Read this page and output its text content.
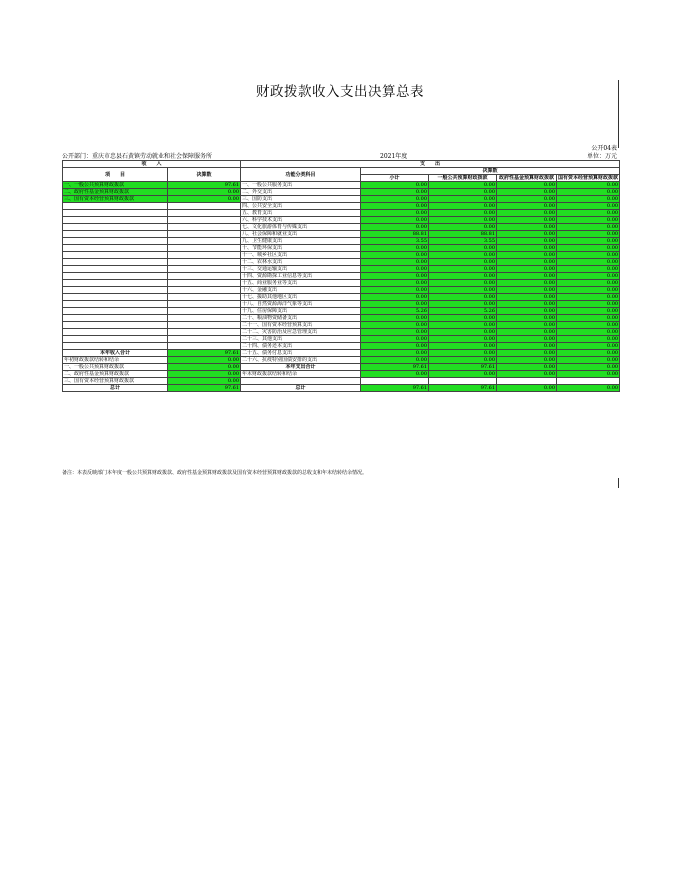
财政拨款收入支出决算总表
公开04表
公开部门：重庆市忠县石黄镇劳动就业和社会保障服务所	2021年度	单位：万元
收　　入		支　　出				
项　　目	决算数	功能分类科目	决算数			
			小计	一般公共预算财政拨款	政府性基金预算财政拨款	国有资本经营预算财政拨款

一、一般公共预算财政拨款	97.61	一、一般公共服务支出	0.00	0.00	0.00	0.00
二、政府性基金预算财政拨款	0.00	二、外交支出	0.00	0.00	0.00	0.00
三、国有资本经营预算财政拨款	0.00	三、国防支出	0.00	0.00	0.00	0.00
		四、公共安全支出	0.00	0.00	0.00	0.00
		五、教育支出	0.00	0.00	0.00	0.00
		六、科学技术支出	0.00	0.00	0.00	0.00
		七、文化旅游体育与传媒支出	0.00	0.00	0.00	0.00
		八、社会保障和就业支出	88.81	88.81	0.00	0.00
		九、卫生健康支出	3.55	3.55	0.00	0.00
		十、节能环保支出	0.00	0.00	0.00	0.00
		十一、城乡社区支出	0.00	0.00	0.00	0.00
		十二、农林水支出	0.00	0.00	0.00	0.00
		十三、交通运输支出	0.00	0.00	0.00	0.00
		十四、资源勘探工业信息等支出	0.00	0.00	0.00	0.00
		十五、商业服务业等支出	0.00	0.00	0.00	0.00
		十六、金融支出	0.00	0.00	0.00	0.00
		十七、援助其他地区支出	0.00	0.00	0.00	0.00
		十八、自然资源海洋气象等支出	0.00	0.00	0.00	0.00
		十九、住房保障支出	5.26	5.26	0.00	0.00
		二十、粮油物资储备支出	0.00	0.00	0.00	0.00
		二十一、国有资本经营预算支出	0.00	0.00	0.00	0.00
		二十二、灾害防治及应急管理支出	0.00	0.00	0.00	0.00
		二十三、其他支出	0.00	0.00	0.00	0.00
		二十四、债务还本支出	0.00	0.00	0.00	0.00
本年收入合计	97.61	二十五、债务付息支出	0.00	0.00	0.00	0.00
年初财政拨款结转和结余	0.00	二十六、抗疫特别国债安排的支出	0.00	0.00	0.00	0.00
一、一般公共预算财政拨款	0.00	本年支出合计	97.61	97.61	0.00	0.00
二、政府性基金预算财政拨款	0.00	年末财政拨款结转和结余	0.00	0.00	0.00	0.00
三、国有资本经营预算财政拨款	0.00					
总计	97.61	总计	97.61	97.61	0.00	0.00
备注：本表反映部门本年度一般公共预算财政拨款、政府性基金预算财政拨款及国有资本经营预算财政拨款的总收支和年末结转结余情况。
